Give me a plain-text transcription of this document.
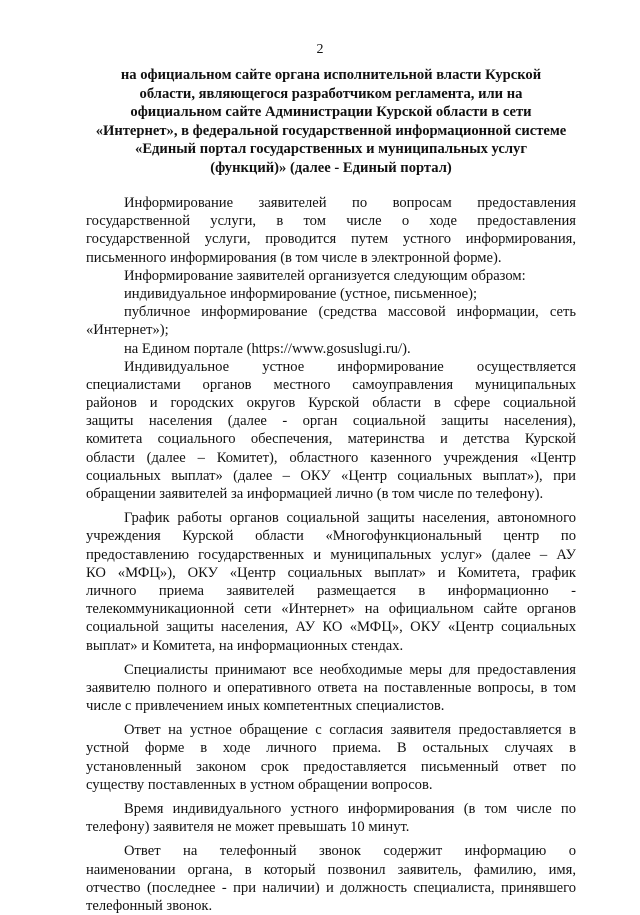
2
на официальном сайте органа исполнительной власти Курской
области, являющегося разработчиком регламента, или на
официальном сайте Администрации Курской области в сети
«Интернет», в федеральной государственной информационной системе
«Единый портал государственных и муниципальных услуг
(функций)» (далее - Единый портал)
Информирование заявителей по вопросам предоставления
государственной услуги, в том числе о ходе предоставления
государственной услуги, проводится путем устного информирования,
письменного информирования (в том числе в электронной форме).
Информирование заявителей организуется следующим образом:
индивидуальное информирование (устное, письменное);
публичное информирование (средства массовой информации, сеть
«Интернет»);
на Едином портале (https://www.gosuslugi.ru/).
Индивидуальное устное информирование осуществляется
специалистами органов местного самоуправления муниципальных
районов и городских округов Курской области в сфере социальной
защиты населения (далее - орган социальной защиты населения),
комитета социального обеспечения, материнства и детства Курской
области (далее – Комитет), областного казенного учреждения «Центр
социальных выплат» (далее – ОКУ «Центр социальных выплат»), при
обращении заявителей за информацией лично (в том числе по телефону).
График работы органов социальной защиты населения, автономного
учреждения Курской области «Многофункциональный центр по
предоставлению государственных и муниципальных услуг» (далее – АУ
КО «МФЦ»), ОКУ «Центр социальных выплат» и Комитета, график
личного приема заявителей размещается в информационно -
телекоммуникационной сети «Интернет» на официальном сайте органов
социальной защиты населения, АУ КО «МФЦ», ОКУ «Центр социальных
выплат» и Комитета, на информационных стендах.
Специалисты принимают все необходимые меры для предоставления
заявителю полного и оперативного ответа на поставленные вопросы, в том
числе с привлечением иных компетентных специалистов.
Ответ на устное обращение с согласия заявителя предоставляется в
устной форме в ходе личного приема. В остальных случаях в
установленный законом срок предоставляется письменный ответ по
существу поставленных в устном обращении вопросов.
Время индивидуального устного информирования (в том числе по
телефону) заявителя не может превышать 10 минут.
Ответ на телефонный звонок содержит информацию о
наименовании органа, в который позвонил заявитель, фамилию, имя,
отчество (последнее - при наличии) и должность специалиста, принявшего
телефонный звонок.
